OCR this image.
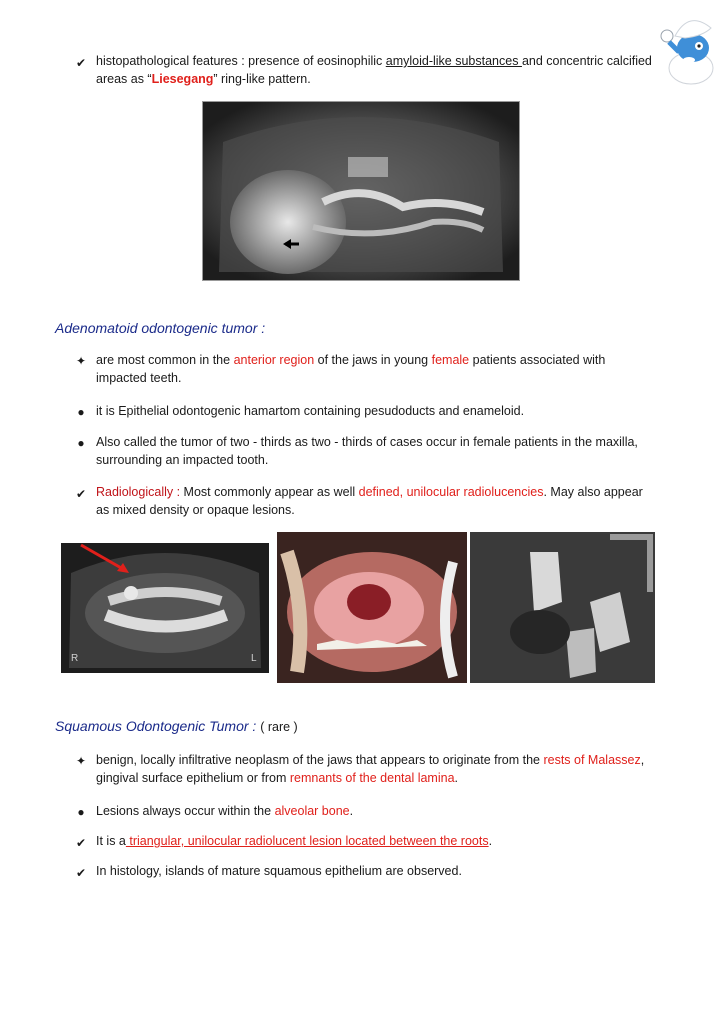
✔ histopathological features : presence of eosinophilic amyloid-like substances and concentric calcified areas as “Liesegang” ring-like pattern.
Adenomatoid odontogenic tumor :
✦ are most common in the anterior region of the jaws in young female patients associated with impacted teeth.
● it is Epithelial odontogenic hamartom containing pesudoducts and enameloid.
● Also called the tumor of two - thirds as two - thirds of cases occur in female patients in the maxilla, surrounding an impacted tooth.
✔ Radiologically : Most commonly appear as well defined, unilocular radiolucencies. May also appear as mixed density or opaque lesions.
R	L
Squamous Odontogenic Tumor : ( rare )
✦ benign, locally infiltrative neoplasm of the jaws that appears to originate from the rests of Malassez, gingival surface epithelium or from remnants of the dental lamina.
● Lesions always occur within the alveolar bone.
✔ It is a triangular, unilocular radiolucent lesion located between the roots.
✔ In histology, islands of mature squamous epithelium are observed.
